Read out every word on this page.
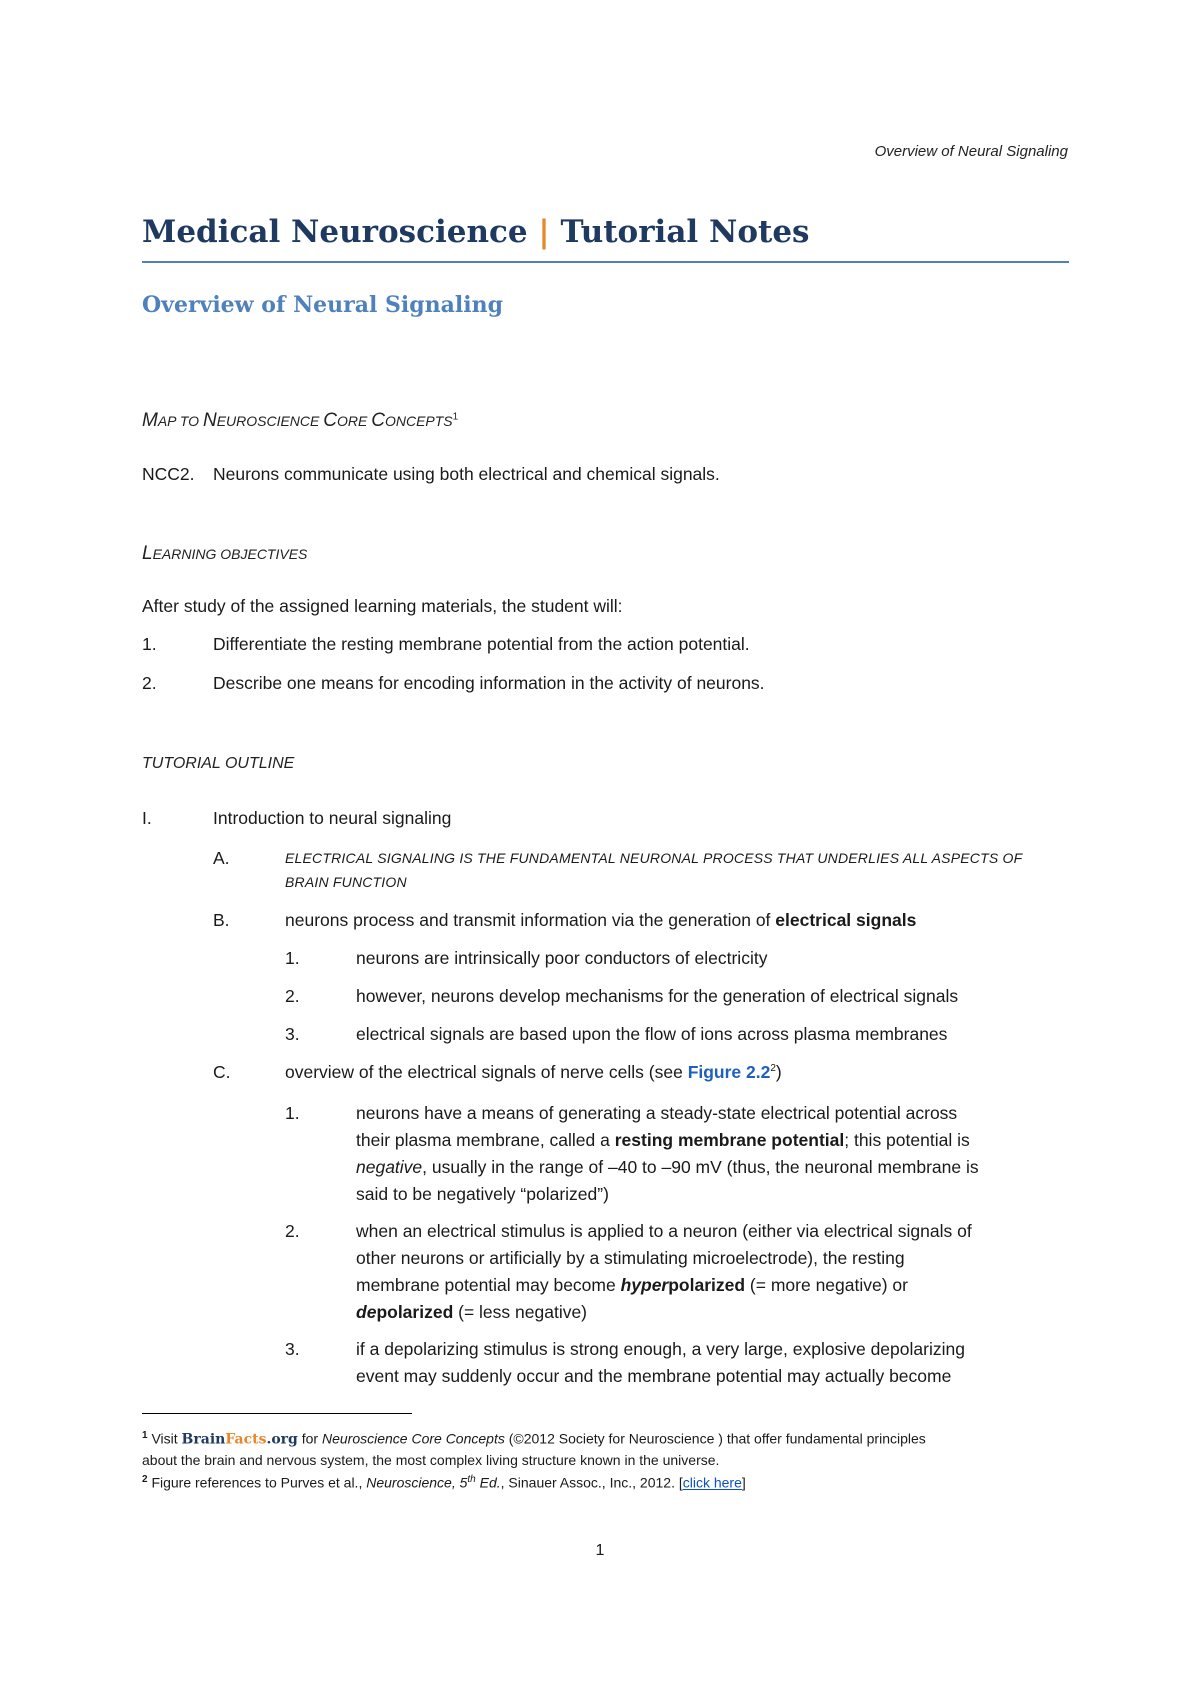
Overview of Neural Signaling
Medical Neuroscience | Tutorial Notes
Overview of Neural Signaling
MAP TO NEUROSCIENCE CORE CONCEPTS$^1$
NCC2. Neurons communicate using both electrical and chemical signals.
LEARNING OBJECTIVES
After study of the assigned learning materials, the student will:
1.	Differentiate the resting membrane potential from the action potential.
2.	Describe one means for encoding information in the activity of neurons.
TUTORIAL OUTLINE
I.	Introduction to neural signaling
A.	ELECTRICAL SIGNALING IS THE FUNDAMENTAL NEURONAL PROCESS THAT UNDERLIES ALL ASPECTS OF
BRAIN FUNCTION
B.	neurons process and transmit information via the generation of electrical signals
1.	neurons are intrinsically poor conductors of electricity
2.	however, neurons develop mechanisms for the generation of electrical signals
3.	electrical signals are based upon the flow of ions across plasma membranes
C.	overview of the electrical signals of nerve cells (see Figure $2.2^2$)
1.	neurons have a means of generating a steady-state electrical potential across
their plasma membrane, called a resting membrane potential; this potential is
negative, usually in the range of –40 to –90 mV (thus, the neuronal membrane is
said to be negatively “polarized”)
2.	when an electrical stimulus is applied to a neuron (either via electrical signals of
other neurons or artificially by a stimulating microelectrode), the resting
membrane potential may become hyperpolarized (= more negative) or
depolarized (= less negative)
3.	if a depolarizing stimulus is strong enough, a very large, explosive depolarizing
event may suddenly occur and the membrane potential may actually become
$^1$ Visit BrainFacts.org for Neuroscience Core Concepts (©2012 Society for Neuroscience ) that offer fundamental principles
about the brain and nervous system, the most complex living structure known in the universe.
$^2$ Figure references to Purves et al., Neuroscience, 5th Ed., Sinauer Assoc., Inc., 2012. [click here]
1
